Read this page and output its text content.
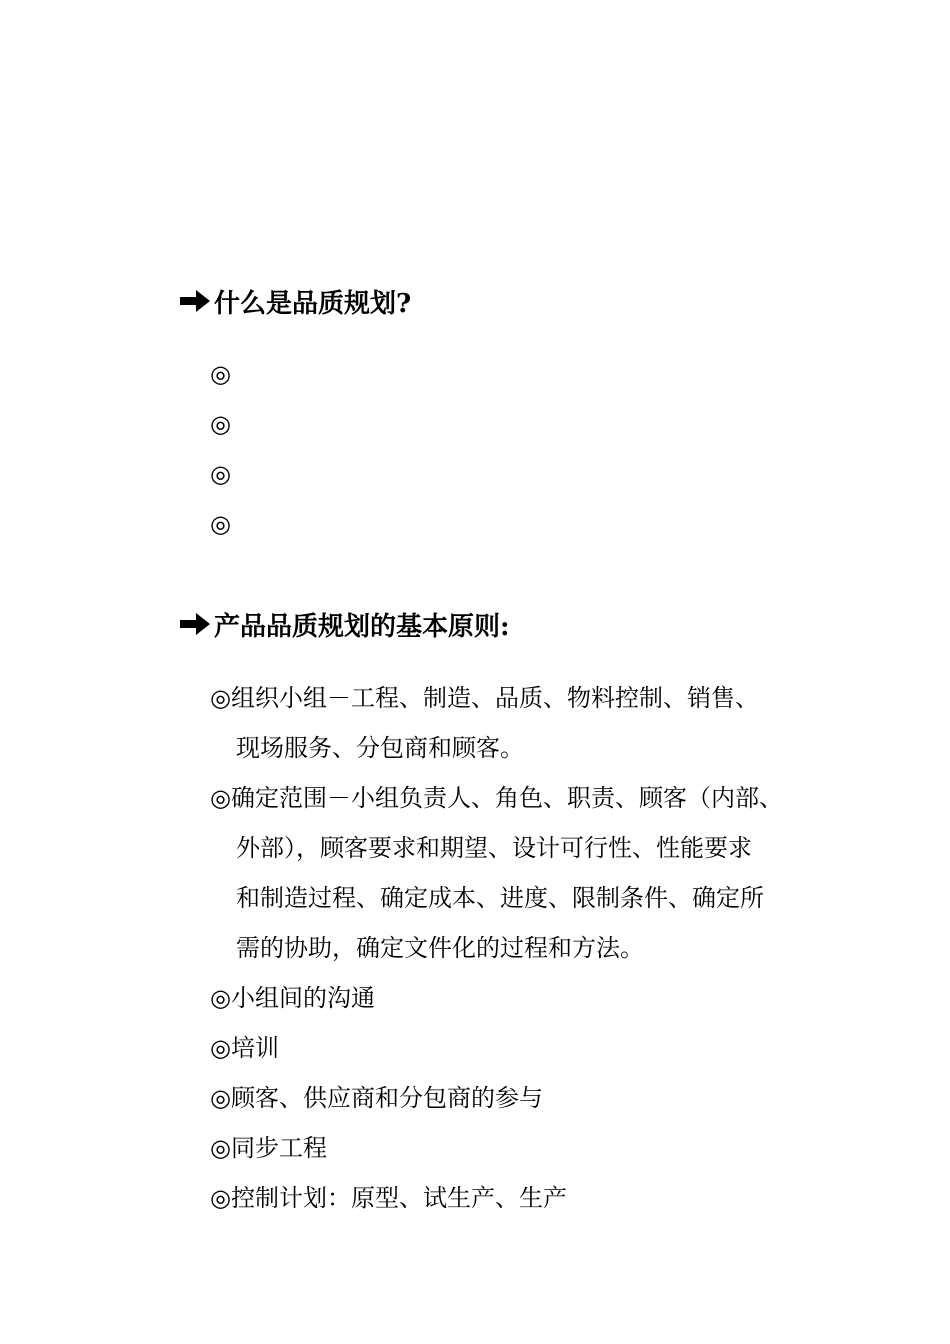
什么是品质规划?
◎
◎
◎
◎
产品品质规划的基本原则:
◎组织小组－工程、制造、品质、物料控制、销售、
现场服务、分包商和顾客。
◎确定范围－小组负责人、角色、职责、顾客（内部、
外部），顾客要求和期望、设计可行性、性能要求
和制造过程、确定成本、进度、限制条件、确定所
需的协助，确定文件化的过程和方法。
◎小组间的沟通
◎培训
◎顾客、供应商和分包商的参与
◎同步工程
◎控制计划：原型、试生产、生产
